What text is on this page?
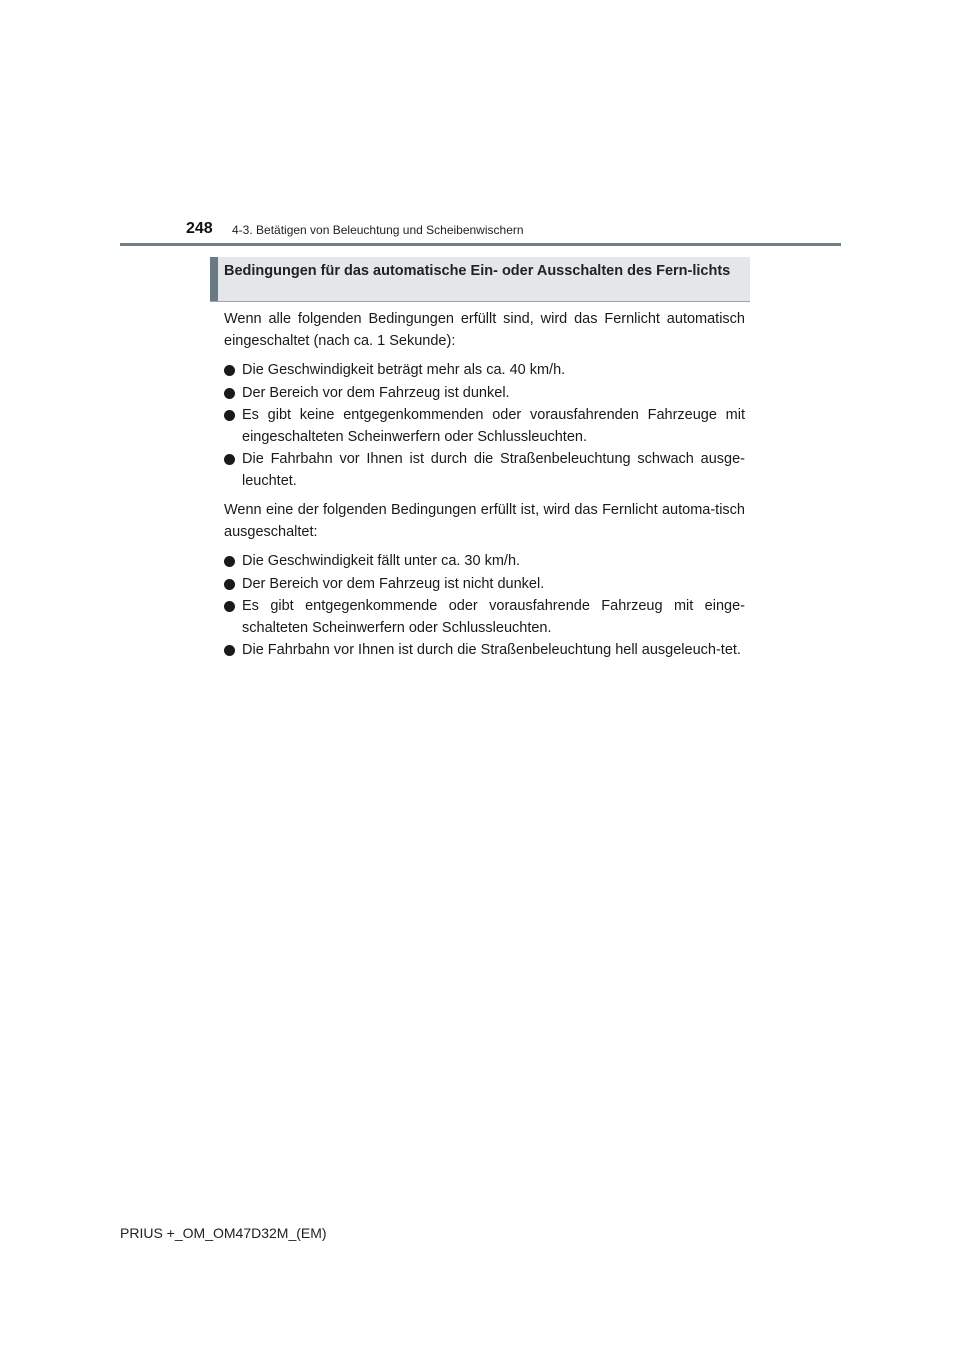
248 4-3. Betätigen von Beleuchtung und Scheibenwischern
Bedingungen für das automatische Ein- oder Ausschalten des Fern-lichts

Wenn alle folgenden Bedingungen erfüllt sind, wird das Fernlicht automatisch eingeschaltet (nach ca. 1 Sekunde):

Die Geschwindigkeit beträgt mehr als ca. 40 km/h.
Der Bereich vor dem Fahrzeug ist dunkel.
Es gibt keine entgegenkommenden oder vorausfahrenden Fahrzeuge mit eingeschalteten Scheinwerfern oder Schlussleuchten.
Die Fahrbahn vor Ihnen ist durch die Straßenbeleuchtung schwach ausge-leuchtet.

Wenn eine der folgenden Bedingungen erfüllt ist, wird das Fernlicht automa-tisch ausgeschaltet:

Die Geschwindigkeit fällt unter ca. 30 km/h.
Der Bereich vor dem Fahrzeug ist nicht dunkel.
Es gibt entgegenkommende oder vorausfahrende Fahrzeug mit einge-schalteten Scheinwerfern oder Schlussleuchten.
Die Fahrbahn vor Ihnen ist durch die Straßenbeleuchtung hell ausgeleuch-tet.
PRIUS +_OM_OM47D32M_(EM)
